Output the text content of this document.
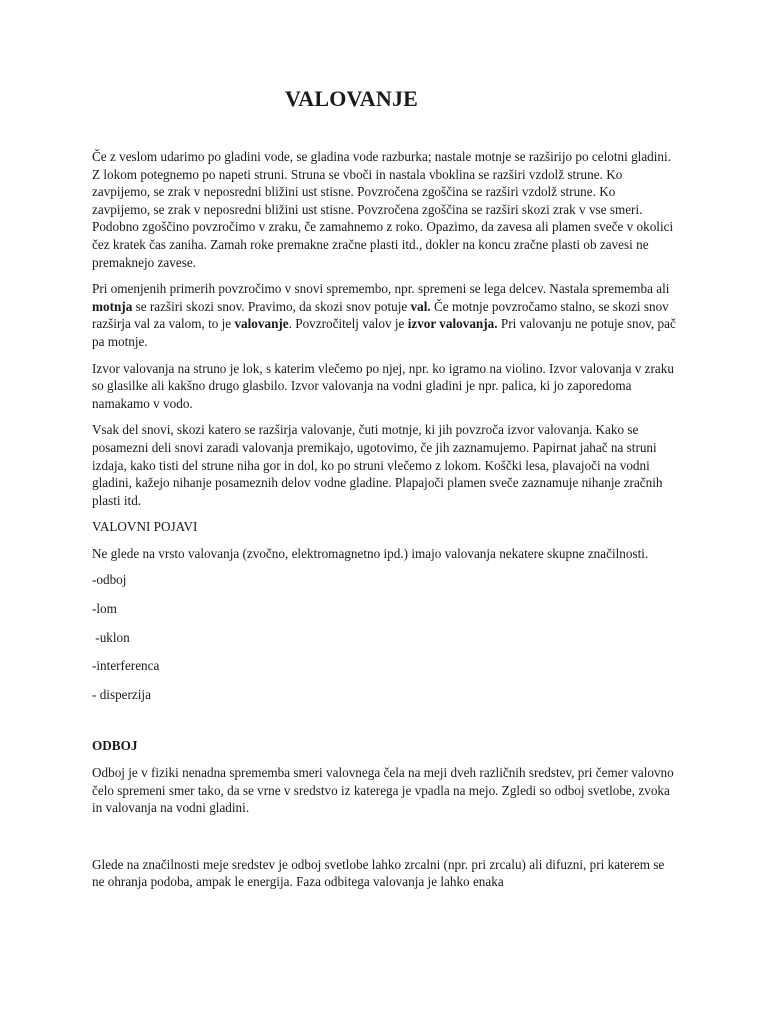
VALOVANJE

Če z veslom udarimo po gladini vode, se gladina vode razburka; nastale motnje se razširijo po celotni gladini. Z lokom potegnemo po napeti struni. Struna se vboči in nastala vboklina se razširi vzdolž strune. Ko zavpijemo, se zrak v neposredni bližini ust stisne. Povzročena zgoščina se razširi vzdolž strune. Ko zavpijemo, se zrak v neposredni bližini ust stisne. Povzročena zgoščina se razširi skozi zrak v vse smeri. Podobno zgoščino povzročimo v zraku, če zamahnemo z roko. Opazimo, da zavesa ali plamen sveče v okolici čez kratek čas zaniha. Zamah roke premakne zračne plasti itd., dokler na koncu zračne plasti ob zavesi ne premaknejo zavese.

Pri omenjenih primerih povzročimo v snovi spremembo, npr. spremeni se lega delcev. Nastala sprememba ali motnja se razširi skozi snov. Pravimo, da skozi snov potuje val. Če motnje povzročamo stalno, se skozi snov razširja val za valom, to je valovanje. Povzročitelj valov je izvor valovanja. Pri valovanju ne potuje snov, pač pa motnje.

Izvor valovanja na struno je lok, s katerim vlečemo po njej, npr. ko igramo na violino. Izvor valovanja v zraku so glasilke ali kakšno drugo glasbilo. Izvor valovanja na vodni gladini je npr. palica, ki jo zaporedoma namakamo v vodo.

Vsak del snovi, skozi katero se razširja valovanje, čuti motnje, ki jih povzroča izvor valovanja. Kako se posamezni deli snovi zaradi valovanja premikajo, ugotovimo, če jih zaznamujemo. Papirnat jahač na struni izdaja, kako tisti del strune niha gor in dol, ko po struni vlečemo z lokom. Koščki lesa, plavajoči na vodni gladini, kažejo nihanje posameznih delov vodne gladine. Plapajoči plamen sveče zaznamuje nihanje zračnih plasti itd.

VALOVNI POJAVI

Ne glede na vrsto valovanja (zvočno, elektromagnetno ipd.) imajo valovanja nekatere skupne značilnosti.

-odboj
-lom
-uklon
-interferenca
- disperzija
ODBOJ

Odboj je v fiziki nenadna sprememba smeri valovnega čela na meji dveh različnih sredstev, pri čemer valovno čelo spremeni smer tako, da se vrne v sredstvo iz katerega je vpadla na mejo. Zgledi so odboj svetlobe, zvoka in valovanja na vodni gladini.

Glede na značilnosti meje sredstev je odboj svetlobe lahko zrcalni (npr. pri zrcalu) ali difuzni, pri katerem se ne ohranja podoba, ampak le energija. Faza odbitega valovanja je lahko enaka
